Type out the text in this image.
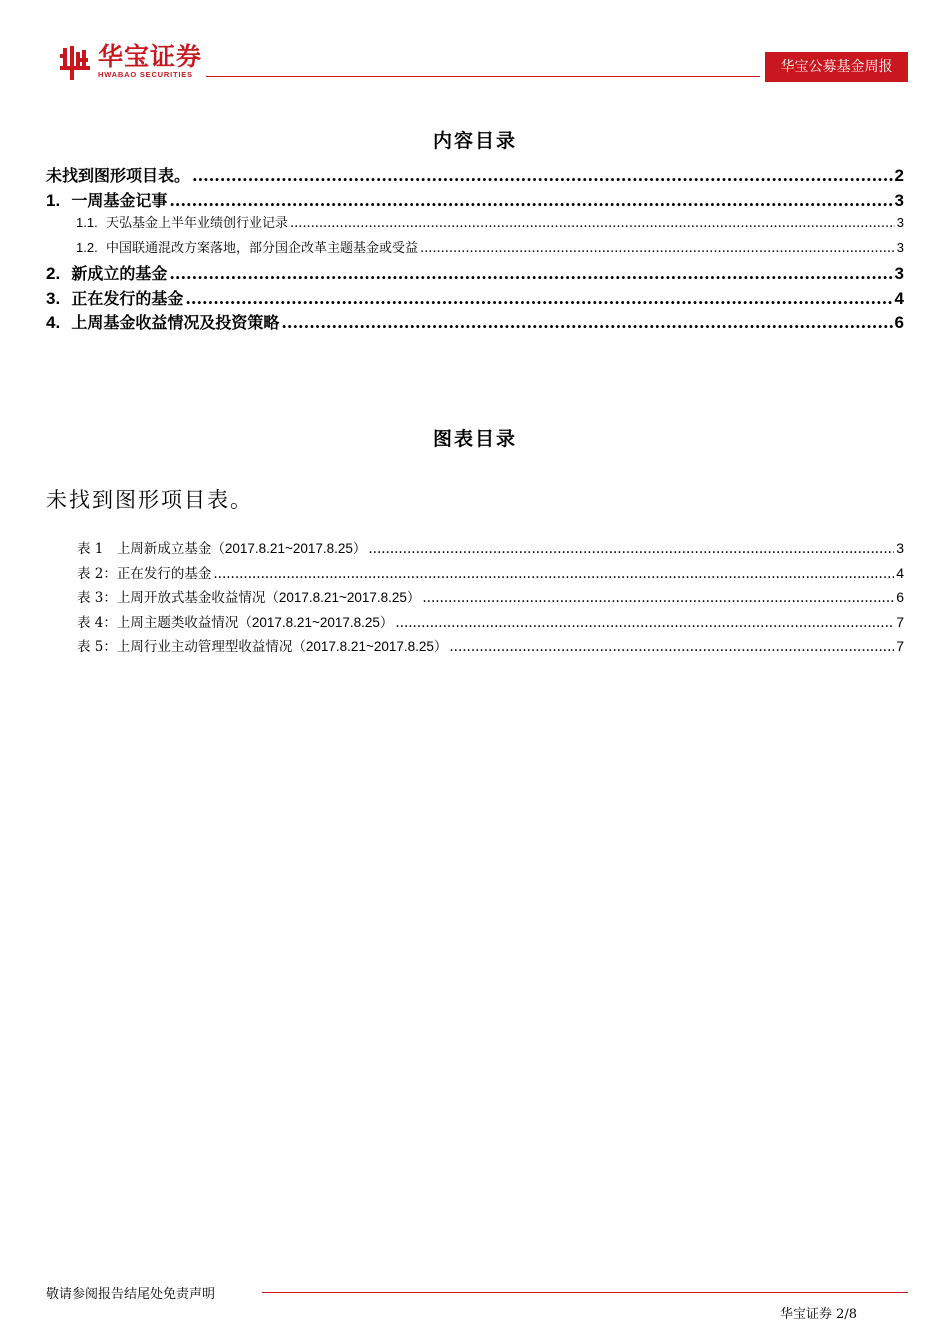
华宝证券
HWABAO SECURITIES	华宝公募基金周报
内容目录
未找到图形项目表。 .....	2
1. 一周基金记事 .....	3
1.1. 天弘基金上半年业绩创行业记录 .....	3
1.2. 中国联通混改方案落地，部分国企改革主题基金或受益 .....	3
2. 新成立的基金 .....	3
3. 正在发行的基金 .....	4
4. 上周基金收益情况及投资策略 .....	6
图表目录
未找到图形项目表。
表 1　上周新成立基金（2017.8.21~2017.8.25） .....	3
表 2：正在发行的基金 .....	4
表 3：上周开放式基金收益情况（2017.8.21~2017.8.25） .....	6
表 4：上周主题类收益情况（2017.8.21~2017.8.25） .....	7
表 5：上周行业主动管理型收益情况（2017.8.21~2017.8.25） .....	7
敬请参阅报告结尾处免责声明
华宝证券 2/8
